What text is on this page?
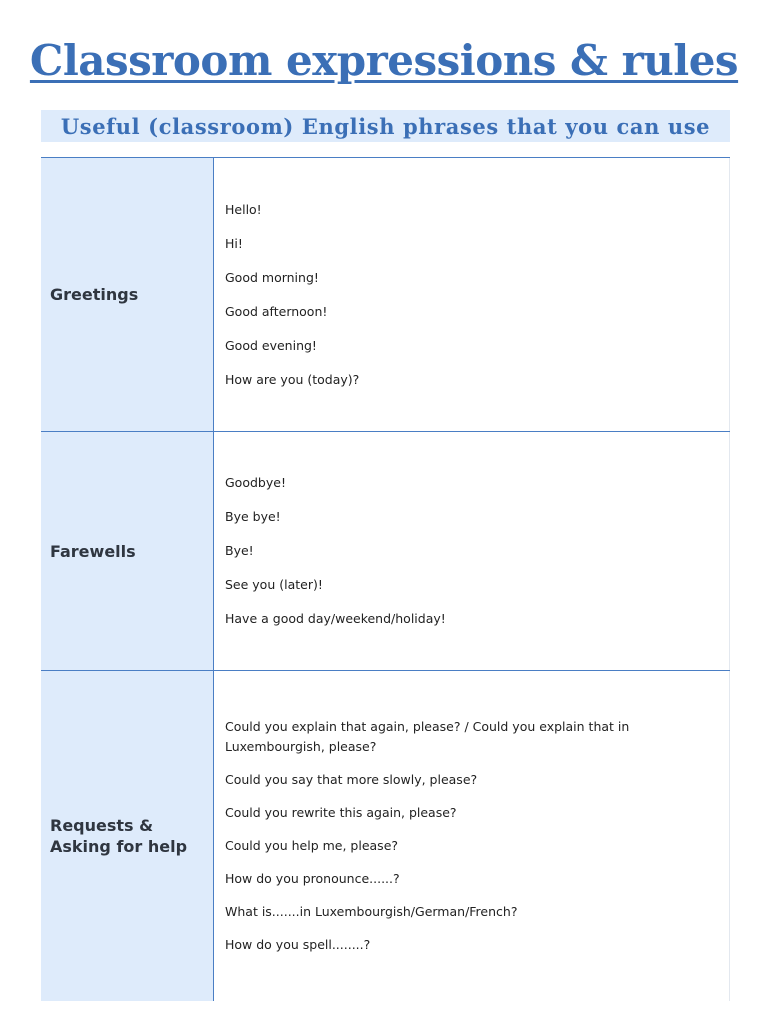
Classroom expressions & rules
Useful (classroom) English phrases that you can use
Greetings
Hello!
Hi!
Good morning!
Good afternoon!
Good evening!
How are you (today)?
Farewells
Goodbye!
Bye bye!
Bye!
See you (later)!
Have a good day/weekend/holiday!
Requests &
Asking for help
Could you explain that again, please? / Could you explain that in Luxembourgish, please?
Could you say that more slowly, please?
Could you rewrite this again, please?
Could you help me, please?
How do you pronounce......?
What is.......in Luxembourgish/German/French?
How do you spell........?
